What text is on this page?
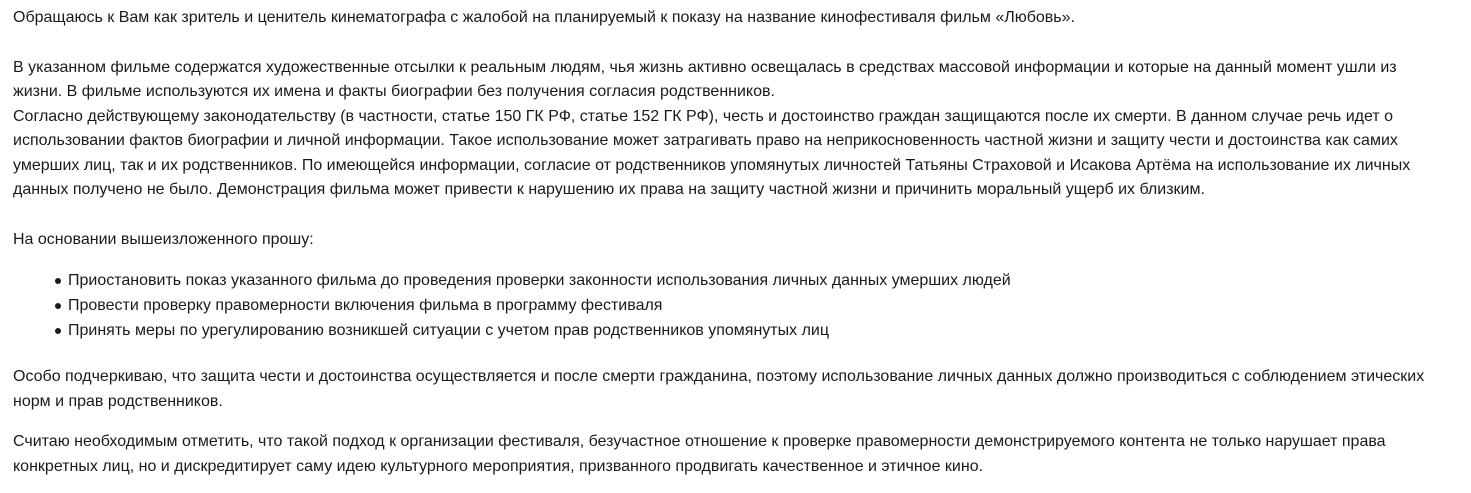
Обращаюсь к Вам как зритель и ценитель кинематографа с жалобой на планируемый к показу на название кинофестиваля фильм «Любовь».

В указанном фильме содержатся художественные отсылки к реальным людям, чья жизнь активно освещалась в средствах массовой информации и которые на данный момент ушли из
жизни. В фильме используются их имена и факты биографии без получения согласия родственников.
Согласно действующему законодательству (в частности, статье 150 ГК РФ, статье 152 ГК РФ), честь и достоинство граждан защищаются после их смерти. В данном случае речь идет о
использовании фактов биографии и личной информации. Такое использование может затрагивать право на неприкосновенность частной жизни и защиту чести и достоинства как самих
умерших лиц, так и их родственников. По имеющейся информации, согласие от родственников упомянутых личностей Татьяны Страховой и Исакова Артёма на использование их личных
данных получено не было. Демонстрация фильма может привести к нарушению их права на защиту частной жизни и причинить моральный ущерб их близким.

На основании вышеизложенного прошу:

Приостановить показ указанного фильма до проведения проверки законности использования личных данных умерших людей
Провести проверку правомерности включения фильма в программу фестиваля
Принять меры по урегулированию возникшей ситуации с учетом прав родственников упомянутых лиц

Особо подчеркиваю, что защита чести и достоинства осуществляется и после смерти гражданина, поэтому использование личных данных должно производиться с соблюдением этических
норм и прав родственников.

Считаю необходимым отметить, что такой подход к организации фестиваля, безучастное отношение к проверке правомерности демонстрируемого контента не только нарушает права
конкретных лиц, но и дискредитирует саму идею культурного мероприятия, призванного продвигать качественное и этичное кино.
